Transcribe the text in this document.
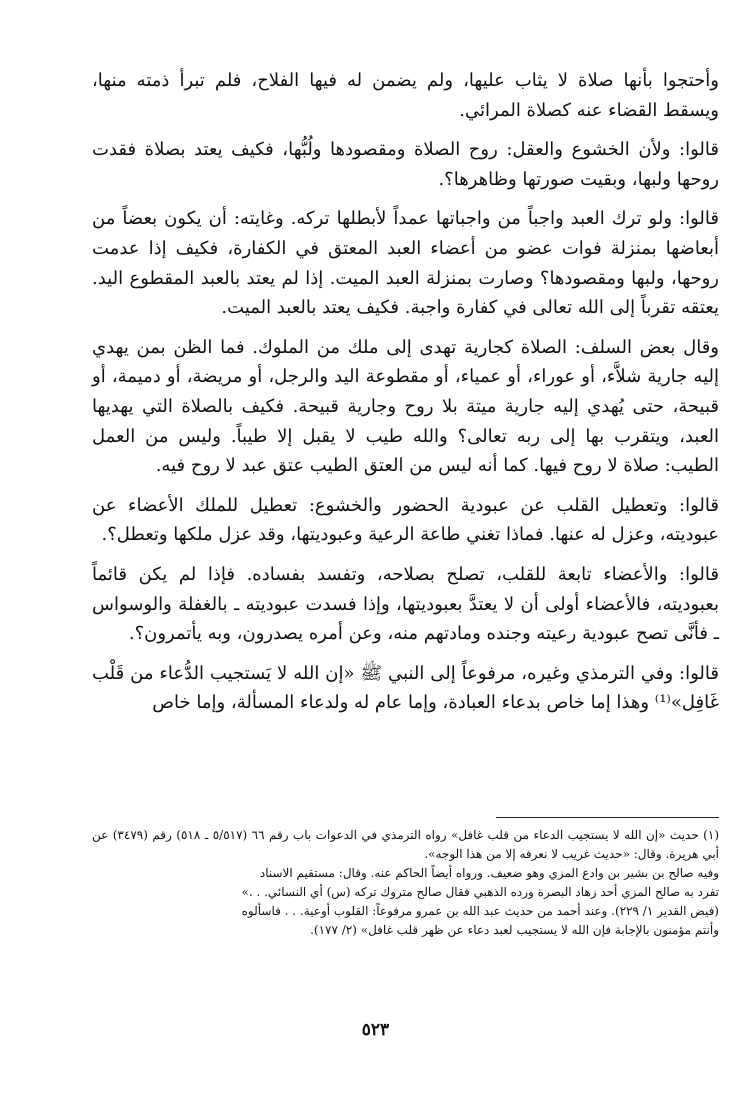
وأحتجوا بأنها صلاة لا يثاب عليها، ولم يضمن له فيها الفلاح، فلم تبرأ ذمته منها، ويسقط القضاء عنه كصلاة المرائي.

قالوا: ولأن الخشوع والعقل: روح الصلاة ومقصودها ولُبُّها، فكيف يعتد بصلاة فقدت روحها ولبها، وبقيت صورتها وظاهرها؟.

قالوا: ولو ترك العبد واجباً من واجباتها عمداً لأبطلها تركه. وغايته: أن يكون بعضاً من أبعاضها بمنزلة فوات عضو من أعضاء العبد المعتق في الكفارة، فكيف إذا عدمت روحها، ولبها ومقصودها؟ وصارت بمنزلة العبد الميت. إذا لم يعتد بالعبد المقطوع اليد. يعتقه تقرباً إلى الله تعالى في كفارة واجبة. فكيف يعتد بالعبد الميت.

وقال بعض السلف: الصلاة كجارية تهدى إلى ملك من الملوك. فما الظن بمن يهدي إليه جارية شلاَّء، أو عوراء، أو عمياء، أو مقطوعة اليد والرجل، أو مريضة، أو دميمة، أو قبيحة، حتى يُهدي إليه جارية ميتة بلا روح وجارية قبيحة. فكيف بالصلاة التي يهديها العبد، ويتقرب بها إلى ربه تعالى؟ والله طيب لا يقبل إلا طيباً. وليس من العمل الطيب: صلاة لا روح فيها. كما أنه ليس من العتق الطيب عتق عبد لا روح فيه.

قالوا: وتعطيل القلب عن عبودية الحضور والخشوع: تعطيل للملك الأعضاء عن عبوديته، وعزل له عنها. فماذا تغني طاعة الرعية وعبوديتها، وقد عزل ملكها وتعطل؟.

قالوا: والأعضاء تابعة للقلب، تصلح بصلاحه، وتفسد بفساده. فإذا لم يكن قائماً بعبوديته، فالأعضاء أولى أن لا يعتدَّ بعبوديتها، وإذا فسدت عبوديته ـ بالغفلة والوسواس ـ فأنَّى تصح عبودية رعيته وجنده ومادتهم منه، وعن أمره يصدرون، وبه يأتمرون؟.

قالوا: وفي الترمذي وغيره، مرفوعاً إلى النبي ﷺ «إن الله لا يَستجيب الدُّعاء من قَلْب غَافِل»⁽¹⁾ وهذا إما خاص بدعاء العبادة، وإما عام له ولدعاء المسألة، وإما خاص

(١) حديث «إن الله لا يستجيب الدعاء من قلب غافل» رواه الترمذي في الدعوات باب رقم ٦٦ (٥/٥١٧ ـ ٥١٨) رقم (٣٤٧٩) عن أبي هريرة. وقال: «حديث غريب لا نعرفه إلا من هذا الوجه».

وفيه صالح بن بشير بن وادع المزي وهو ضعيف. ورواه أيضاً الحاكم عنه. وقال: مستقيم الاسناد

تفرد به صالح المزي أحد زهاد البصرة ورده الذهبي فقال صالح متروك تركه (س) أي النسائي. . .»

(فيض القدير ١/ ٢٢٩). وعند أحمد من حديث عبد الله بن عمرو مرفوعاً: القلوب أوعية. . . فاسألوه

وأنتم مؤمنون بالإجابة فإن الله لا يستجيب لعبد دعاء عن ظهر قلب غافل» (٢/ ١٧٧).

٥٢٣
